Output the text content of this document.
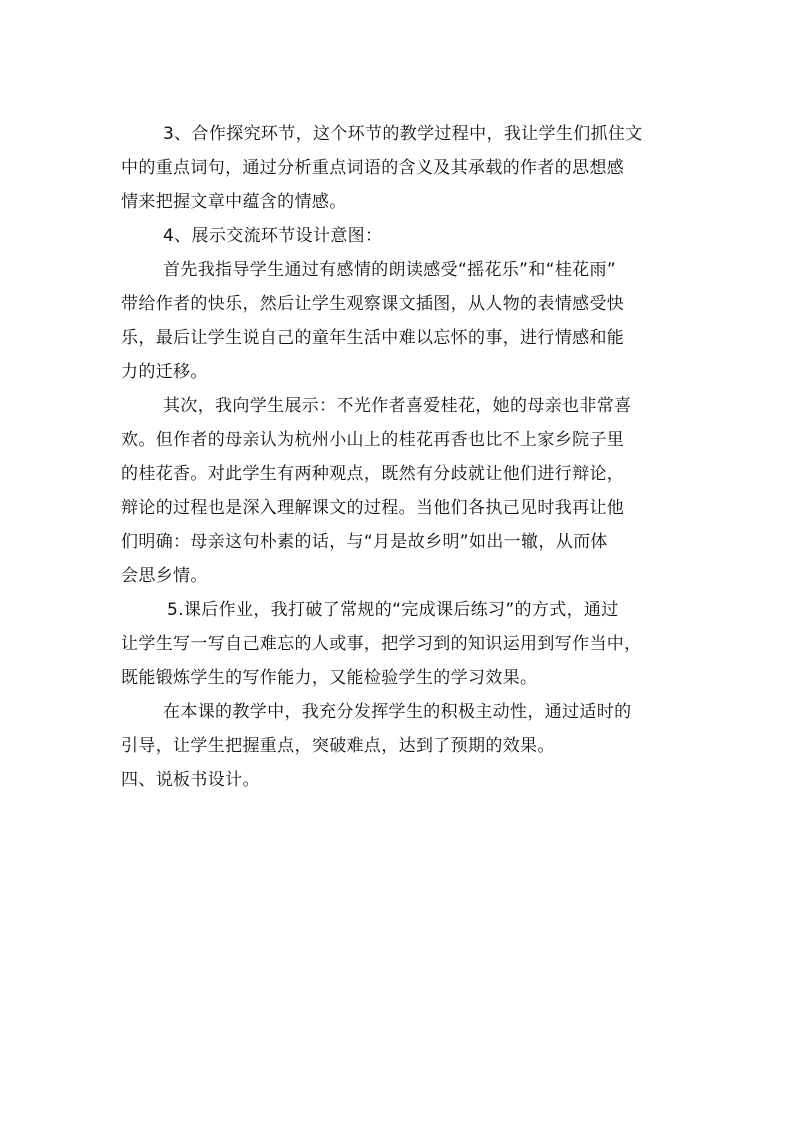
3、合作探究环节，这个环节的教学过程中，我让学生们抓住文
中的重点词句，通过分析重点词语的含义及其承载的作者的思想感
情来把握文章中蕴含的情感。
4、展示交流环节设计意图：
首先我指导学生通过有感情的朗读感受“摇花乐”和“桂花雨”
带给作者的快乐，然后让学生观察课文插图，从人物的表情感受快
乐，最后让学生说自己的童年生活中难以忘怀的事，进行情感和能
力的迁移。
其次，我向学生展示：不光作者喜爱桂花，她的母亲也非常喜
欢。但作者的母亲认为杭州小山上的桂花再香也比不上家乡院子里
的桂花香。对此学生有两种观点，既然有分歧就让他们进行辩论，
辩论的过程也是深入理解课文的过程。当他们各执己见时我再让他
们明确：母亲这句朴素的话，与“月是故乡明”如出一辙，从而体
会思乡情。
5.课后作业，我打破了常规的“完成课后练习”的方式，通过
让学生写一写自己难忘的人或事，把学习到的知识运用到写作当中，
既能锻炼学生的写作能力，又能检验学生的学习效果。
在本课的教学中，我充分发挥学生的积极主动性，通过适时的
引导，让学生把握重点，突破难点，达到了预期的效果。
四、说板书设计。
